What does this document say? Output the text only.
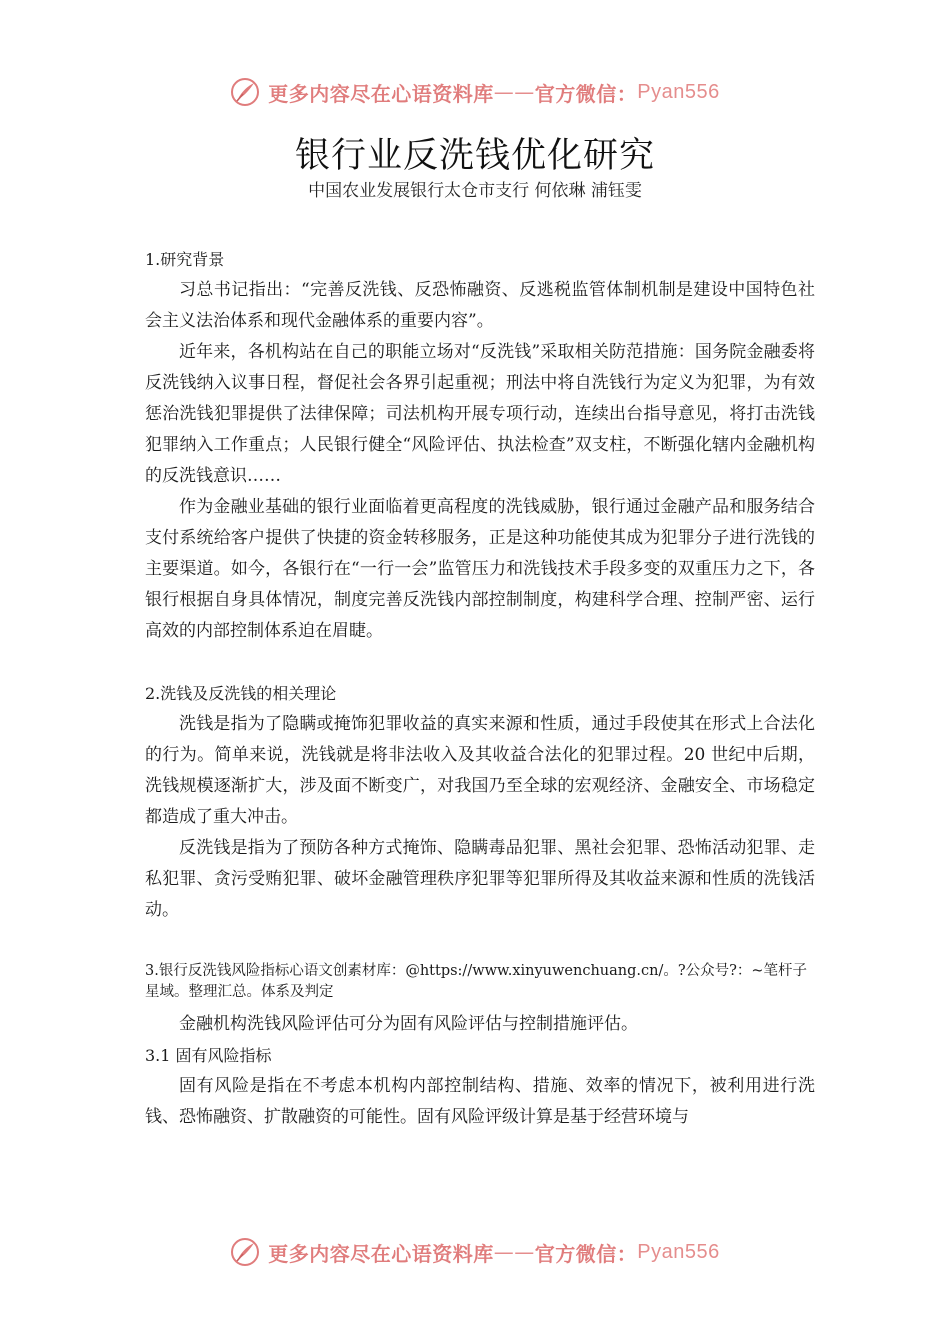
更多内容尽在心语资料库 —— 官方微信： Pyan556
银行业反洗钱优化研究
中国农业发展银行太仓市支行 何依琳 浦钰雯

1.研究背景

习总书记指出：“完善反洗钱、反恐怖融资、反逃税监管体制机制是建设中国特色社会主义法治体系和现代金融体系的重要内容”。

近年来，各机构站在自己的职能立场对“反洗钱”采取相关防范措施：国务院金融委将反洗钱纳入议事日程，督促社会各界引起重视；刑法中将自洗钱行为定义为犯罪，为有效惩治洗钱犯罪提供了法律保障；司法机构开展专项行动，连续出台指导意见，将打击洗钱犯罪纳入工作重点；人民银行健全“风险评估、执法检查”双支柱，不断强化辖内金融机构的反洗钱意识……

作为金融业基础的银行业面临着更高程度的洗钱威胁，银行通过金融产品和服务结合支付系统给客户提供了快捷的资金转移服务，正是这种功能使其成为犯罪分子进行洗钱的主要渠道。如今，各银行在“一行一会”监管压力和洗钱技术手段多变的双重压力之下，各银行根据自身具体情况，制度完善反洗钱内部控制制度，构建科学合理、控制严密、运行高效的内部控制体系迫在眉睫。

2.洗钱及反洗钱的相关理论

洗钱是指为了隐瞒或掩饰犯罪收益的真实来源和性质，通过手段使其在形式上合法化的行为。简单来说，洗钱就是将非法收入及其收益合法化的犯罪过程。20 世纪中后期，洗钱规模逐渐扩大，涉及面不断变广，对我国乃至全球的宏观经济、金融安全、市场稳定都造成了重大冲击。

反洗钱是指为了预防各种方式掩饰、隐瞒毒品犯罪、黑社会犯罪、恐怖活动犯罪、走私犯罪、贪污受贿犯罪、破坏金融管理秩序犯罪等犯罪所得及其收益来源和性质的洗钱活动。

3.银行反洗钱风险指标心语文创素材库：@https://www.xinyuwenchuang.cn/。?公众号?：~笔杆子星域。整理汇总。体系及判定

金融机构洗钱风险评估可分为固有风险评估与控制措施评估。

3.1 固有风险指标

固有风险是指在不考虑本机构内部控制结构、措施、效率的情况下，被利用进行洗钱、恐怖融资、扩散融资的可能性。固有风险评级计算是基于经营环境与

更多内容尽在心语资料库 —— 官方微信： Pyan556
